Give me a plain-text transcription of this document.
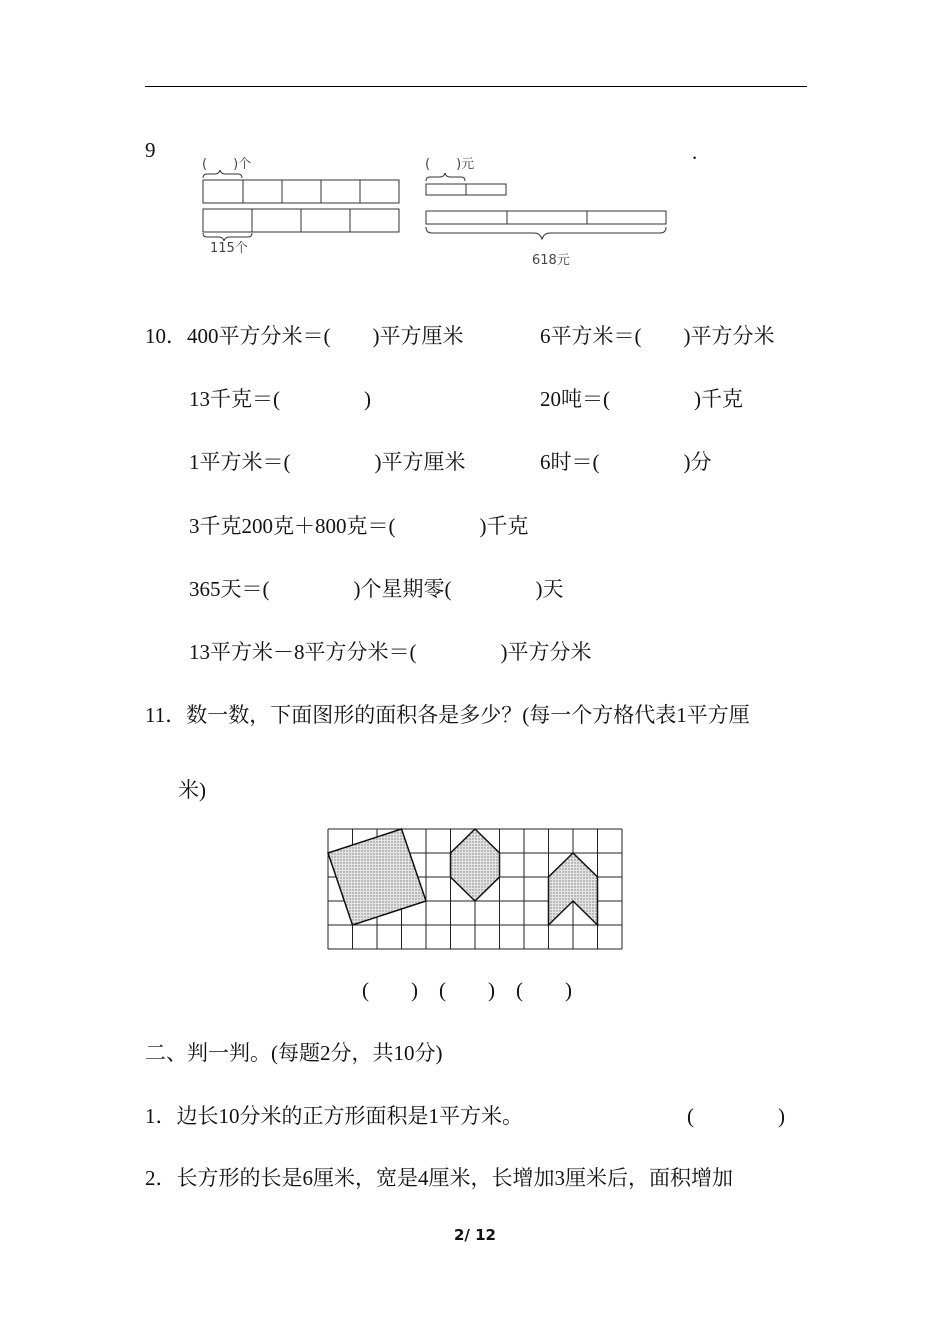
9	.
(　　)个
115个
(　　)元
618元
10．400平方分米＝(　　)平方厘米	6平方米＝(　　)平方分米
13千克＝(　　　　)	20吨＝(　　　　)千克
1平方米＝(　　　　)平方厘米	6时＝(　　　　)分
3千克200克＋800克＝(　　　　)千克
365天＝(　　　　)个星期零(　　　　)天
13平方米－8平方分米＝(　　　　)平方分米
11．数一数，下面图形的面积各是多少？(每一个方格代表1平方厘
米)
(　　)　(　　)　(　　)
二、判一判。(每题2分，共10分)
1．边长10分米的正方形面积是1平方米。	(　　　　)
2．长方形的长是6厘米，宽是4厘米，长增加3厘米后，面积增加
2/ 12
